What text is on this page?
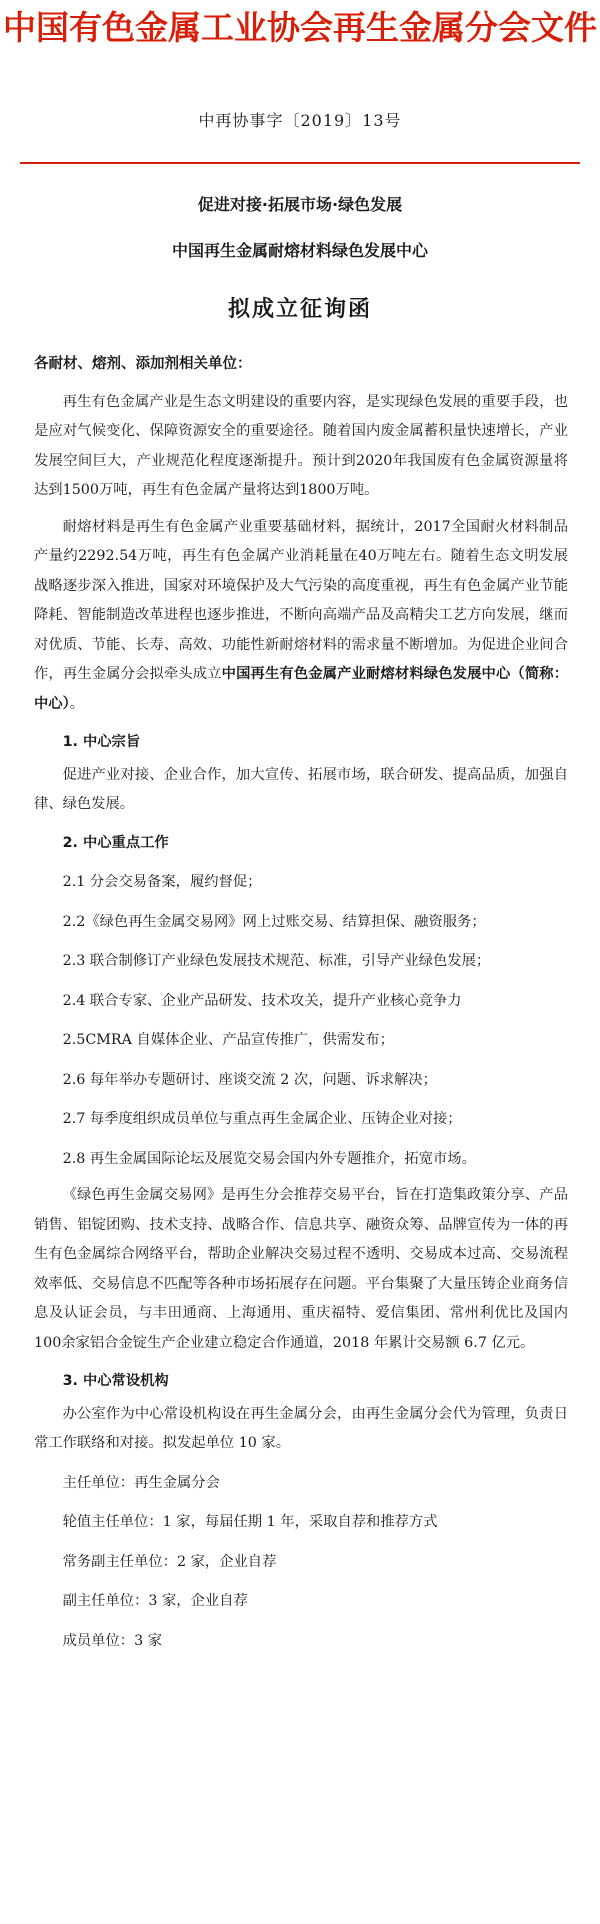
中国有色金属工业协会再生金属分会文件
中再协事字〔2019〕13号
促进对接·拓展市场·绿色发展
中国再生金属耐熔材料绿色发展中心
拟成立征询函

各耐材、熔剂、添加剂相关单位：

再生有色金属产业是生态文明建设的重要内容，是实现绿色发展的重要手段，也是应对气候变化、保障资源安全的重要途径。随着国内废金属蓄积量快速增长，产业发展空间巨大，产业规范化程度逐渐提升。预计到2020年我国废有色金属资源量将达到1500万吨，再生有色金属产量将达到1800万吨。

耐熔材料是再生有色金属产业重要基础材料，据统计，2017全国耐火材料制品产量约2292.54万吨，再生有色金属产业消耗量在40万吨左右。随着生态文明发展战略逐步深入推进，国家对环境保护及大气污染的高度重视，再生有色金属产业节能降耗、智能制造改革进程也逐步推进，不断向高端产品及高精尖工艺方向发展，继而对优质、节能、长寿、高效、功能性新耐熔材料的需求量不断增加。为促进企业间合作，再生金属分会拟牵头成立中国再生有色金属产业耐熔材料绿色发展中心（简称：中心）。

1. 中心宗旨

促进产业对接、企业合作，加大宣传、拓展市场，联合研发、提高品质，加强自律、绿色发展。

2. 中心重点工作

2.1 分会交易备案，履约督促；

2.2《绿色再生金属交易网》网上过账交易、结算担保、融资服务；

2.3 联合制修订产业绿色发展技术规范、标准，引导产业绿色发展；

2.4 联合专家、企业产品研发、技术攻关，提升产业核心竞争力

2.5CMRA 自媒体企业、产品宣传推广，供需发布；

2.6 每年举办专题研讨、座谈交流 2 次，问题、诉求解决；

2.7 每季度组织成员单位与重点再生金属企业、压铸企业对接；

2.8 再生金属国际论坛及展览交易会国内外专题推介，拓宽市场。

《绿色再生金属交易网》是再生分会推荐交易平台，旨在打造集政策分享、产品销售、铝锭团购、技术支持、战略合作、信息共享、融资众筹、品牌宣传为一体的再生有色金属综合网络平台，帮助企业解决交易过程不透明、交易成本过高、交易流程效率低、交易信息不匹配等各种市场拓展存在问题。平台集聚了大量压铸企业商务信息及认证会员，与丰田通商、上海通用、重庆福特、爱信集团、常州利优比及国内 100余家铝合金锭生产企业建立稳定合作通道，2018 年累计交易额 6.7 亿元。

3. 中心常设机构

办公室作为中心常设机构设在再生金属分会，由再生金属分会代为管理，负责日常工作联络和对接。拟发起单位 10 家。

主任单位：再生金属分会

轮值主任单位：1 家，每届任期 1 年，采取自荐和推荐方式

常务副主任单位：2 家，企业自荐

副主任单位：3 家，企业自荐

成员单位：3 家
